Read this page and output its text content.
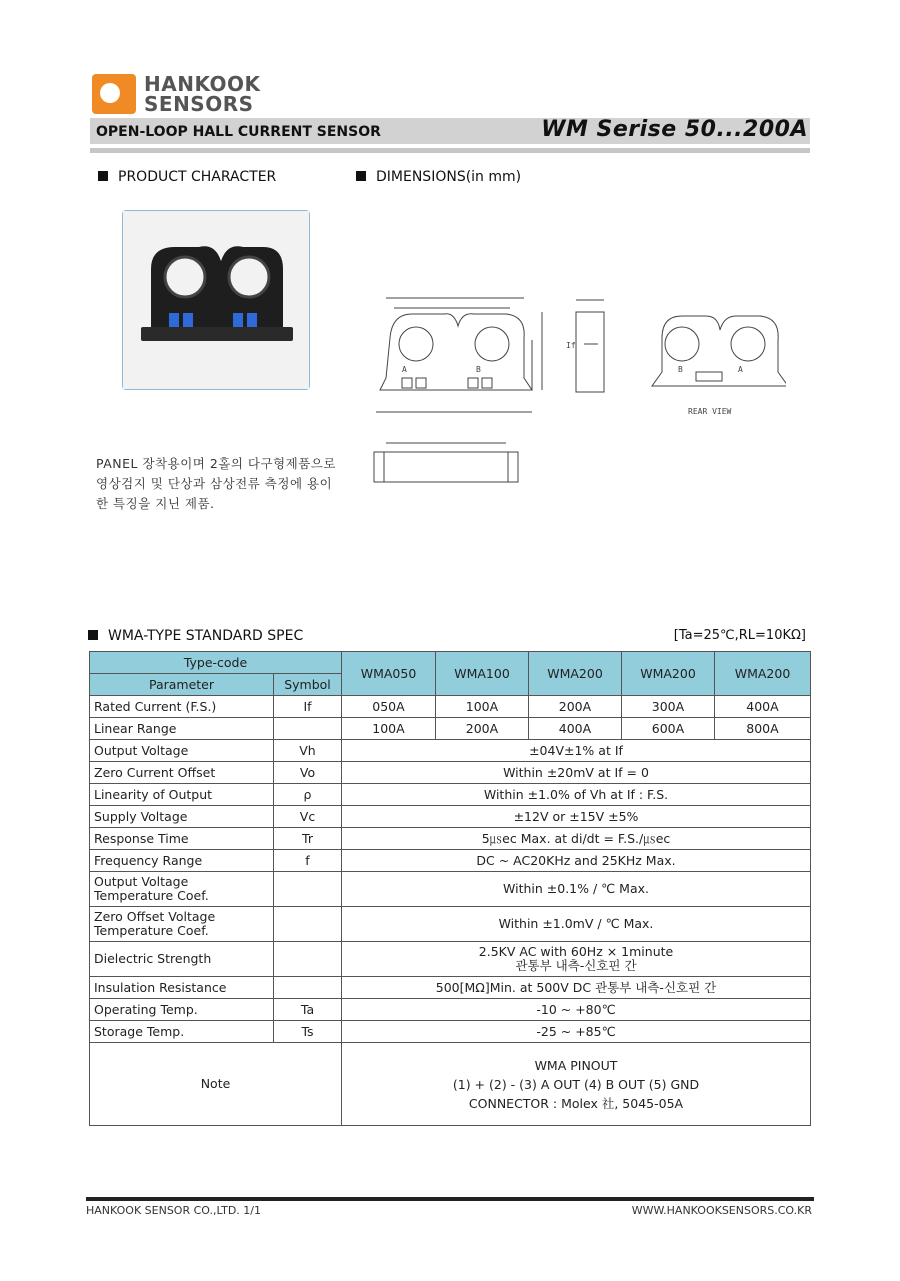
HANKOOK
SENSORS
OPEN-LOOP HALL CURRENT SENSOR	WM Serise 50...200A
PRODUCT CHARACTER	DIMENSIONS(in mm)
A	B
If
B	A
REAR VIEW
PANEL 장착용이며 2홀의 다구형제품으로 영상검지 및 단상과 삼상전류 측정에 용이한 특징을 지닌 제품.
WMA-TYPE STANDARD SPEC	[Ta=25℃,RL=10KΩ]
Type-code		WMA050	WMA100	WMA200	WMA200	WMA200
Parameter	Symbol					
Rated Current (F.S.)	If	050A	100A	200A	300A	400A
Linear Range		100A	200A	400A	600A	800A
Output Voltage	Vh	±04V±1% at If				
Zero Current Offset	Vo	Within ±20mV at If = 0				
Linearity of Output	ρ	Within ±1.0% of Vh at If : F.S.				
Supply Voltage	Vc	±12V or ±15V ±5%				
Response Time	Tr	5㎲ec Max. at di/dt = F.S./㎲ec				
Frequency Range	f	DC ~ AC20KHz and 25KHz Max.				

Output Voltage
Temperature Coef.		Within ±0.1% / ℃ Max.				

Zero Offset Voltage
Temperature Coef.		Within ±1.0mV / ℃ Max.				
Dielectric Strength		2.5KV AC with 60Hz × 1minute
관통부 내측-신호핀 간				

Insulation Resistance		500[MΩ]Min. at 500V DC 관통부 내측-신호핀 간				
Operating Temp.	Ta	-10 ~ +80℃				
Storage Temp.	Ts	-25 ~ +85℃				
Note		WMA PINOUT
(1) + (2) - (3) A OUT (4) B OUT (5) GND
CONNECTOR : Molex 社, 5045-05A				
HANKOOK SENSOR CO.,LTD. 1/1	WWW.HANKOOKSENSORS.CO.KR
